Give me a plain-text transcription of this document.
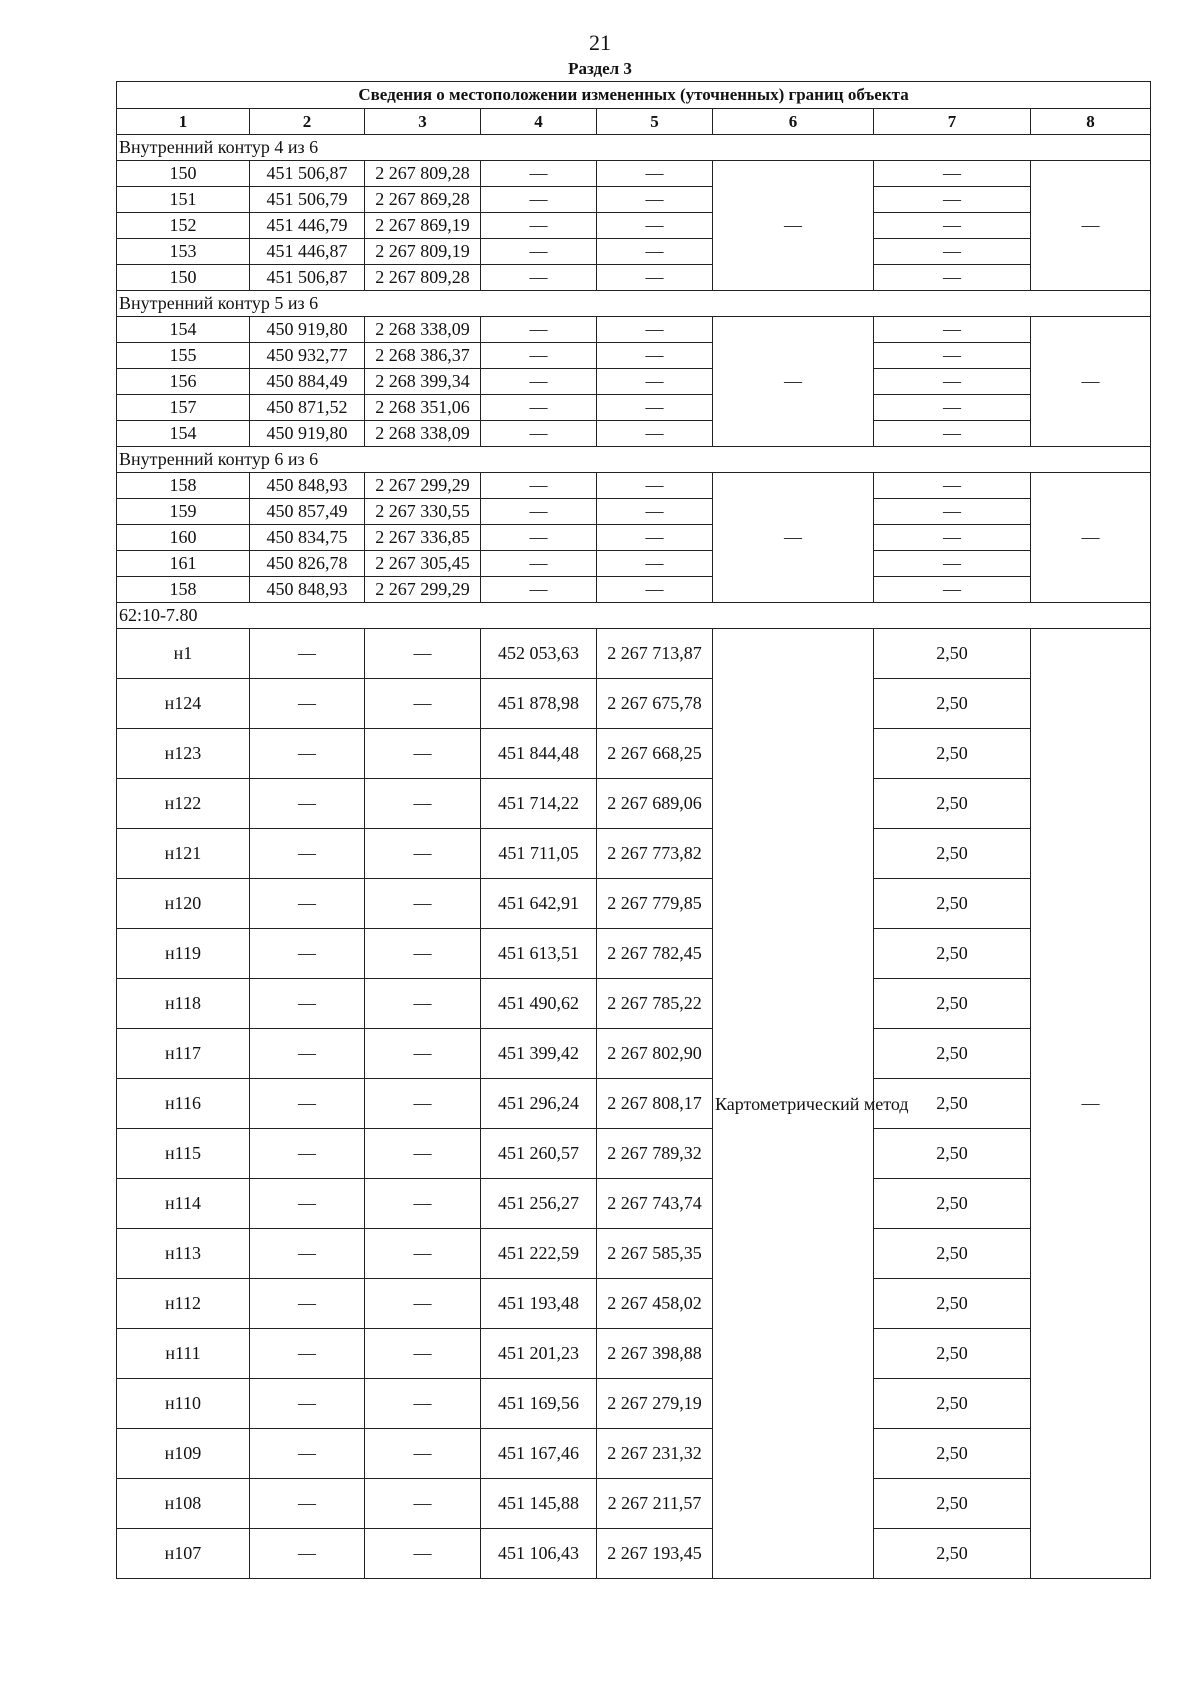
21
Раздел 3
Сведения о местоположении измененных (уточненных) границ объекта							
1	2	3	4	5	6	7	8
Внутренний контур 4 из 6							
150	451 506,87	2 267 809,28	—	—	—	—	—
151	451 506,79	2 267 869,28	—	—		—	
152	451 446,79	2 267 869,19	—	—		—	
153	451 446,87	2 267 809,19	—	—		—	
150	451 506,87	2 267 809,28	—	—		—	
Внутренний контур 5 из 6							
154	450 919,80	2 268 338,09	—	—	—	—	—
155	450 932,77	2 268 386,37	—	—		—	
156	450 884,49	2 268 399,34	—	—		—	
157	450 871,52	2 268 351,06	—	—		—	
154	450 919,80	2 268 338,09	—	—		—	
Внутренний контур 6 из 6							
158	450 848,93	2 267 299,29	—	—	—	—	—
159	450 857,49	2 267 330,55	—	—		—	
160	450 834,75	2 267 336,85	—	—		—	
161	450 826,78	2 267 305,45	—	—		—	
158	450 848,93	2 267 299,29	—	—		—	
62:10-7.80							
н1	—	—	452 053,63	2 267 713,87	Картометрический метод	2,50	—
н124	—	—	451 878,98	2 267 675,78		2,50	
н123	—	—	451 844,48	2 267 668,25		2,50	
н122	—	—	451 714,22	2 267 689,06		2,50	
н121	—	—	451 711,05	2 267 773,82		2,50	
н120	—	—	451 642,91	2 267 779,85		2,50	
н119	—	—	451 613,51	2 267 782,45		2,50	
н118	—	—	451 490,62	2 267 785,22		2,50	
н117	—	—	451 399,42	2 267 802,90		2,50	
н116	—	—	451 296,24	2 267 808,17		2,50	
н115	—	—	451 260,57	2 267 789,32		2,50	
н114	—	—	451 256,27	2 267 743,74		2,50	
н113	—	—	451 222,59	2 267 585,35		2,50	
н112	—	—	451 193,48	2 267 458,02		2,50	
н111	—	—	451 201,23	2 267 398,88		2,50	
н110	—	—	451 169,56	2 267 279,19		2,50	
н109	—	—	451 167,46	2 267 231,32		2,50	
н108	—	—	451 145,88	2 267 211,57		2,50	
н107	—	—	451 106,43	2 267 193,45		2,50	
